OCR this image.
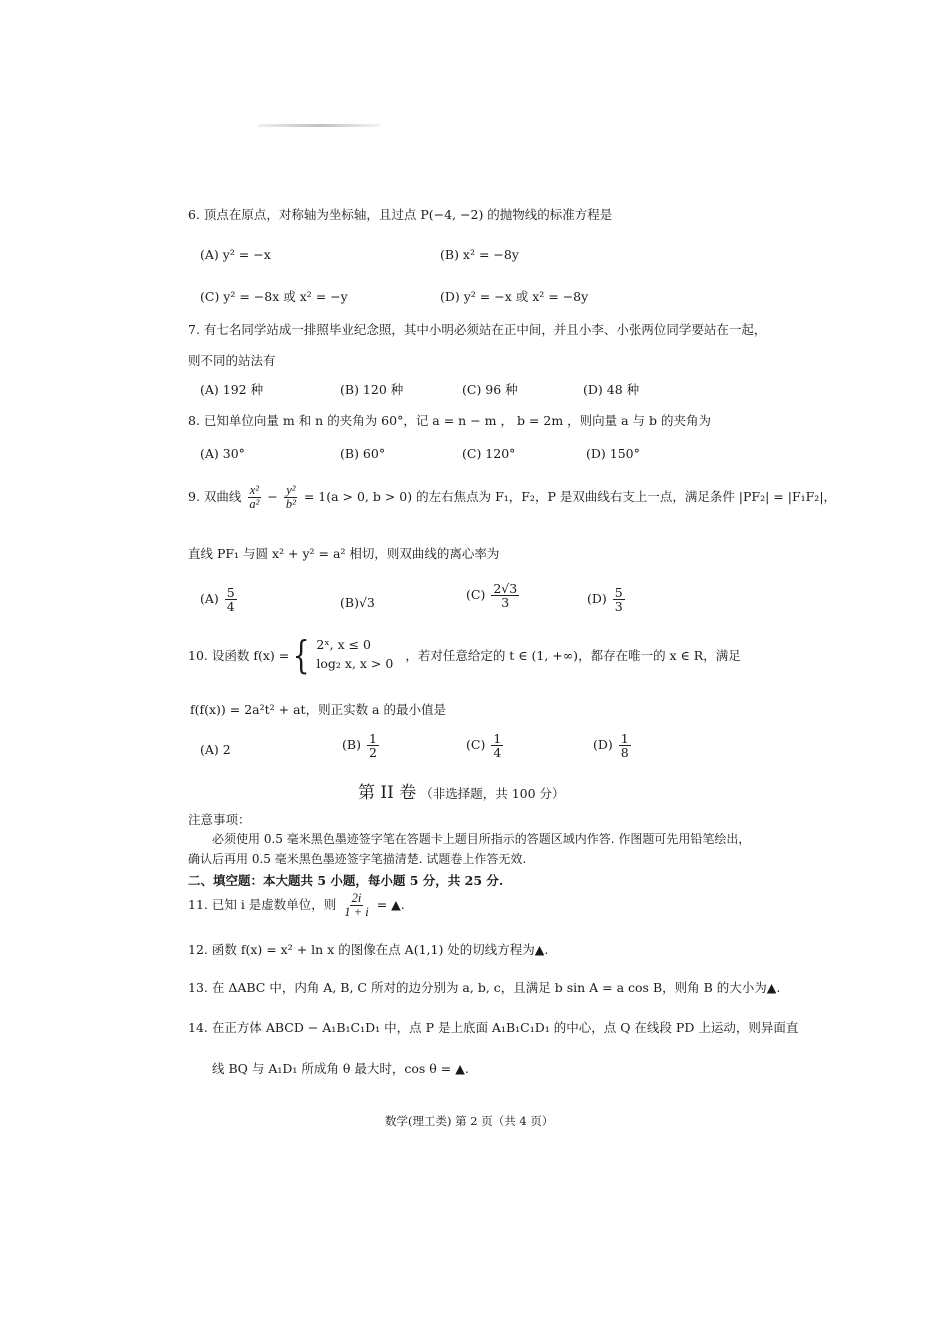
6. 顶点在原点，对称轴为坐标轴，且过点 P(−4, −2) 的抛物线的标准方程是
(A) y² = −x	(B) x² = −8y
(C) y² = −8x 或 x² = −y	(D) y² = −x 或 x² = −8y
7. 有七名同学站成一排照毕业纪念照，其中小明必须站在正中间，并且小李、小张两位同学要站在一起，
则不同的站法有
(A) 192 种	(B) 120 种	(C) 96 种	(D) 48 种
8. 已知单位向量 m 和 n 的夹角为 60°，记 a = n − m ， b = 2m ，则向量 a 与 b 的夹角为
(A) 30°	(B) 60°	(C) 120°	(D) 150°
9. 双曲线 $\frac{\text{x²}}{\text{a²}} - \frac{\text{y²}}{\text{b²}} = 1(a > 0$, b > 0) 的左右焦点为 F₁，F₂，P 是双曲线右支上一点，满足条件 |PF₂| = |F₁F₂|，
直线 PF₁ 与圆 x² + y² = a² 相切，则双曲线的离心率为
$(A) \frac{5}{4}$	(B)√3
$(C) \frac{2√3}{3}$	$(D) \frac{5}{3}$
10. 设函数 f(x) = { 2ˣ, x ≤ 0
log₂ x, x > 0
，若对任意给定的 t ∈ (1, +∞)，都存在唯一的 x ∈ R，满足
f(f(x)) = 2a²t² + at，则正实数 a 的最小值是
(A) 2	$(B) \frac{1}{2}$	$(C) \frac{1}{4}$	$(D) \frac{1}{8}$
第 II 卷 （非选择题，共 100 分）
注意事项：
必须使用 0.5 毫米黑色墨迹签字笔在答题卡上题目所指示的答题区域内作答. 作图题可先用铅笔绘出，
确认后再用 0.5 毫米黑色墨迹签字笔描清楚. 试题卷上作答无效.
二、填空题：本大题共 5 小题，每小题 5 分，共 25 分.
11. 已知 i 是虚数单位，则 $\frac{2i}{1 + i}$ = ▲.
12. 函数 f(x) = x² + ln x 的图像在点 A(1,1) 处的切线方程为▲.
13. 在 ΔABC 中，内角 A, B, C 所对的边分别为 a, b, c，且满足 b sin A = a cos B，则角 B 的大小为▲.
14. 在正方体 ABCD − A₁B₁C₁D₁ 中，点 P 是上底面 A₁B₁C₁D₁ 的中心，点 Q 在线段 PD 上运动，则异面直
线 BQ 与 A₁D₁ 所成角 θ 最大时，cos θ = ▲.
数学(理工类) 第 2 页（共 4 页）
